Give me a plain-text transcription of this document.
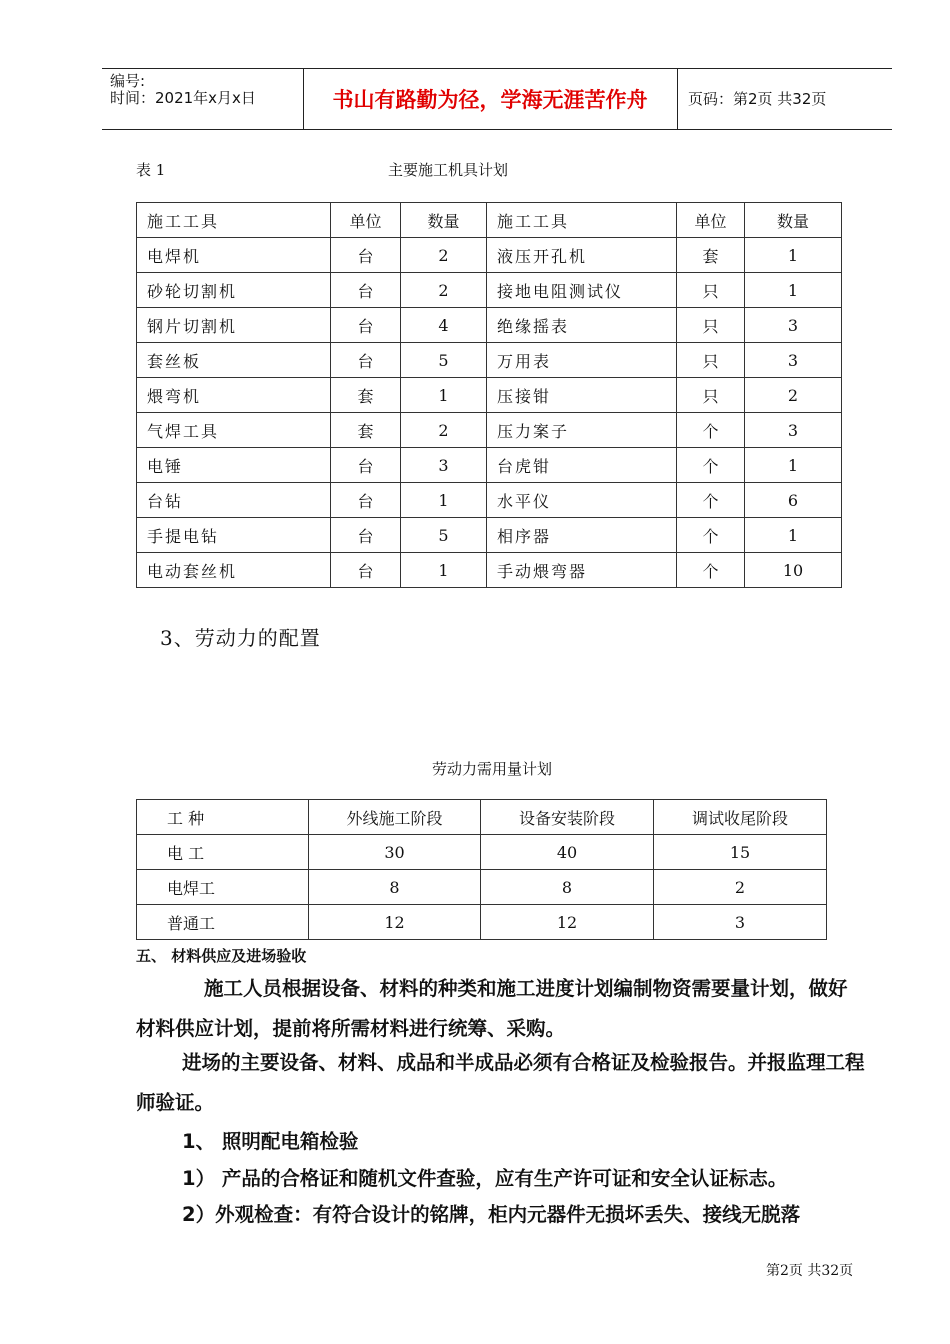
编号:
时间：2021年x月x日	书山有路勤为径，学海无涯苦作舟	页码：第2页 共32页
表 1	主要施工机具计划
施工工具	单位	数量	施工工具	单位	数量
电焊机	台	2	液压开孔机	套	1
砂轮切割机	台	2	接地电阻测试仪	只	1
钢片切割机	台	4	绝缘摇表	只	3
套丝板	台	5	万用表	只	3
煨弯机	套	1	压接钳	只	2
气焊工具	套	2	压力案子	个	3
电锤	台	3	台虎钳	个	1
台钻	台	1	水平仪	个	6
手提电钻	台	5	相序器	个	1
电动套丝机	台	1	手动煨弯器	个	10
3、劳动力的配置
劳动力需用量计划
工 种	外线施工阶段	设备安装阶段	调试收尾阶段
电 工	30	40	15
电焊工	8	8	2
普通工	12	12	3
五、 材料供应及进场验收
施工人员根据设备、材料的种类和施工进度计划编制物资需要量计划，做好材料供应计划，提前将所需材料进行统筹、采购。
进场的主要设备、材料、成品和半成品必须有合格证及检验报告。并报监理工程师验证。
1、 照明配电箱检验
1） 产品的合格证和随机文件查验，应有生产许可证和安全认证标志。
2）外观检查：有符合设计的铭牌，柜内元器件无损坏丢失、接线无脱落
第2页 共32页
